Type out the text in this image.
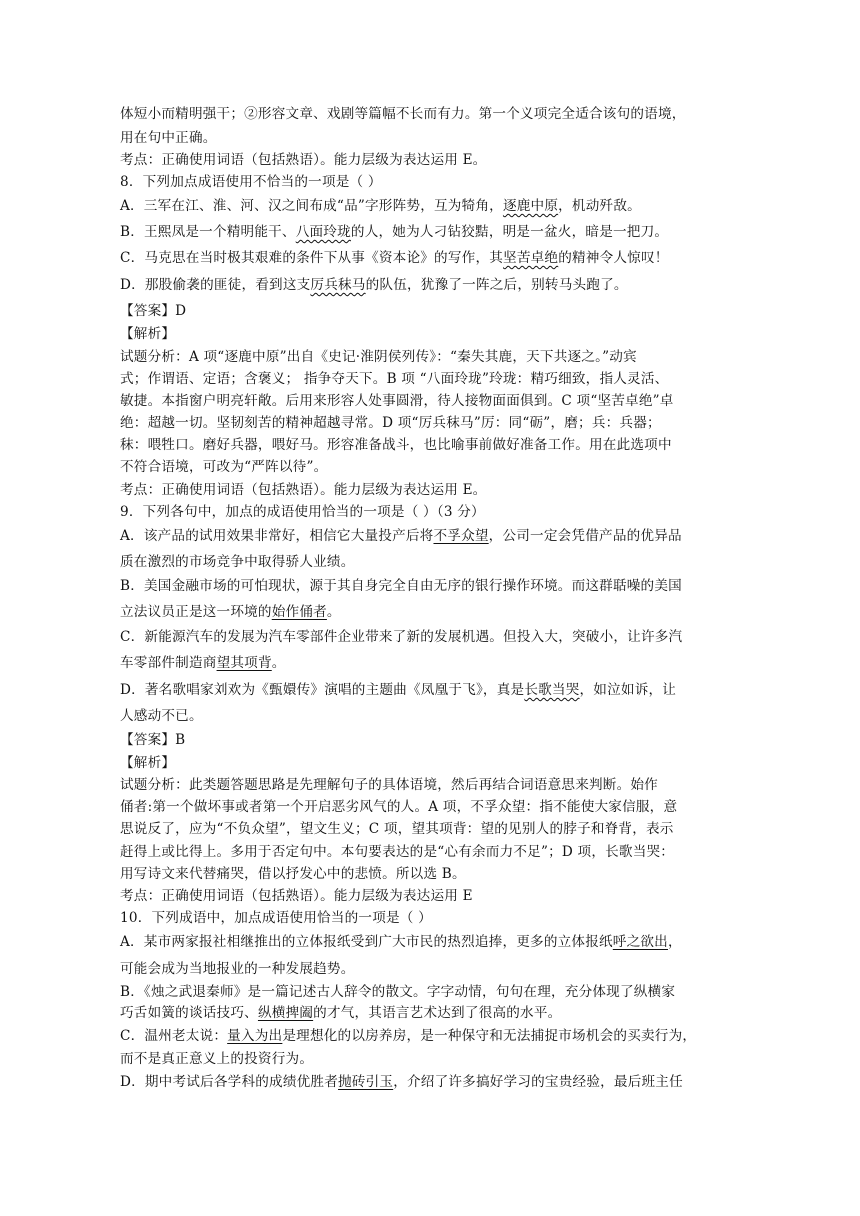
体短小而精明强干；②形容文章、戏剧等篇幅不长而有力。第一个义项完全适合该句的语境，
用在句中正确。
考点：正确使用词语（包括熟语）。能力层级为表达运用 E。
8．下列加点成语使用不恰当的一项是（ ）
A．三军在江、淮、河、汉之间布成“品”字形阵势，互为犄角，逐鹿中原，机动歼敌。
B．王熙凤是一个精明能干、八面玲珑的人，她为人刁钻狡黠，明是一盆火，暗是一把刀。
C．马克思在当时极其艰难的条件下从事《资本论》的写作，其坚苦卓绝的精神令人惊叹！
D．那股偷袭的匪徒，看到这支厉兵秣马的队伍，犹豫了一阵之后，别转马头跑了。
【答案】D
【解析】
试题分析：A 项“逐鹿中原”出自《史记·淮阴侯列传》：“秦失其鹿，天下共逐之。”动宾
式；作谓语、定语；含褒义； 指争夺天下。B 项 “八面玲珑”玲珑：精巧细致，指人灵活、
敏捷。本指窗户明亮轩敞。后用来形容人处事圆滑，待人接物面面俱到。C 项“坚苦卓绝”卓
绝：超越一切。坚韧刻苦的精神超越寻常。D 项“厉兵秣马”厉：同“砺”，磨；兵：兵器；
秣：喂牲口。磨好兵器，喂好马。形容准备战斗，也比喻事前做好准备工作。用在此选项中
不符合语境，可改为“严阵以待”。
考点：正确使用词语（包括熟语）。能力层级为表达运用 E。
9．下列各句中，加点的成语使用恰当的一项是（ ）（3 分）
A．该产品的试用效果非常好，相信它大量投产后将不孚众望，公司一定会凭借产品的优异品
质在激烈的市场竞争中取得骄人业绩。
B．美国金融市场的可怕现状，源于其自身完全自由无序的银行操作环境。而这群聒噪的美国
立法议员正是这一环境的始作俑者。
C．新能源汽车的发展为汽车零部件企业带来了新的发展机遇。但投入大，突破小，让许多汽
车零部件制造商望其项背。
D．著名歌唱家刘欢为《甄嬛传》演唱的主题曲《凤凰于飞》，真是长歌当哭，如泣如诉，让
人感动不已。
【答案】B
【解析】
试题分析：此类题答题思路是先理解句子的具体语境，然后再结合词语意思来判断。始作
俑者:第一个做坏事或者第一个开启恶劣风气的人。A 项，不孚众望：指不能使大家信服，意
思说反了，应为“不负众望”，望文生义；C 项，望其项背：望的见别人的脖子和脊背，表示
赶得上或比得上。多用于否定句中。本句要表达的是“心有余而力不足”；D 项，长歌当哭：
用写诗文来代替痛哭，借以抒发心中的悲愤。所以选 B。
考点：正确使用词语（包括熟语）。能力层级为表达运用 E
10．下列成语中，加点成语使用恰当的一项是（ ）
A．某市两家报社相继推出的立体报纸受到广大市民的热烈追捧，更多的立体报纸呼之欲出，
可能会成为当地报业的一种发展趋势。
B．《烛之武退秦师》是一篇记述古人辞令的散文。字字动情，句句在理，充分体现了纵横家
巧舌如簧的谈话技巧、纵横捭阖的才气，其语言艺术达到了很高的水平。
C．温州老太说：量入为出是理想化的以房养房，是一种保守和无法捕捉市场机会的买卖行为，
而不是真正意义上的投资行为。
D．期中考试后各学科的成绩优胜者抛砖引玉，介绍了许多搞好学习的宝贵经验，最后班主任
